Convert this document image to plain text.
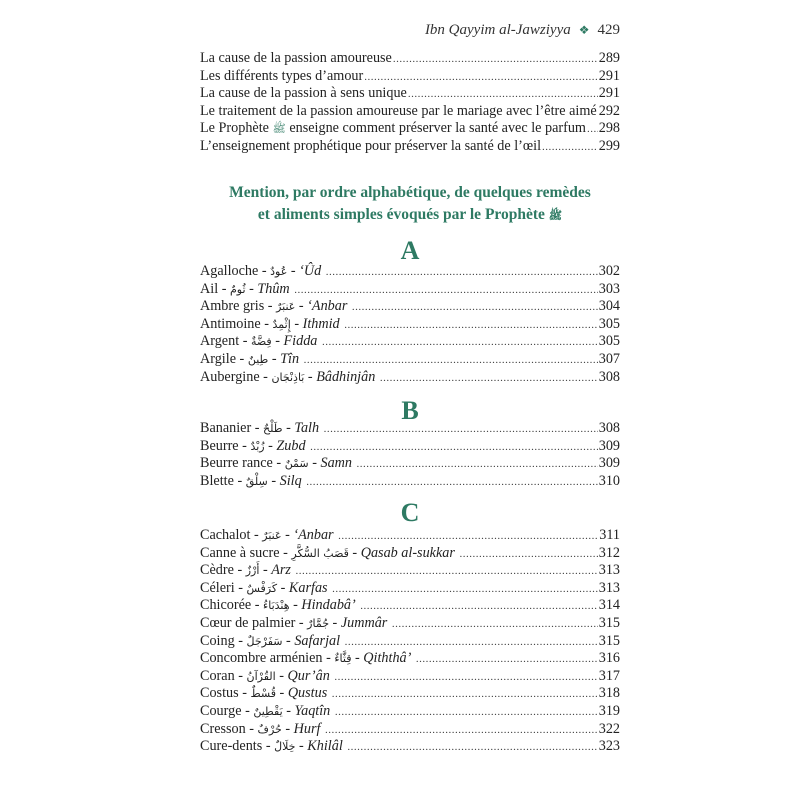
Ibn Qayyim al-Jawziyya ❖ 429
La cause de la passion amoureuse .....	289
Les différents types d’amour .....	291
La cause de la passion à sens unique .....	291
Le traitement de la passion amoureuse par le mariage avec l’être aimé ..... 292
Le Prophète ﷺ enseigne comment préserver la santé avec le parfum ..... 298
L’enseignement prophétique pour préserver la santé de l’œil .....	299
Mention, par ordre alphabétique, de quelques remèdes
et aliments simples évoqués par le Prophète ﷺ
A
Agalloche - عُودٌ - ‘Ûd .....	302
Ail - ثُومٌ - Thûm .....	303
Ambre gris - عَنبَرٌ - ‘Anbar .....	304
Antimoine - إِثْمِدٌ - Ithmid .....	305
Argent - فِضَّةٌ - Fidda .....	305
Argile - طِينٌ - Tîn .....	307
Aubergine - بَاذِنْجَان - Bâdhinjân .....	308
B
Bananier - طَلْحٌ - Talh .....	308
Beurre - زُبْدٌ - Zubd .....	309
Beurre rance - سَمْنٌ - Samn .....	309
Blette - سِلْقٌ - Silq .....	310
C
Cachalot - عَنبَرٌ - ‘Anbar .....	311
Canne à sucre - قَصَبُ السُّكَّرِ - Qasab al-sukkar .....	312
Cèdre - أَرْزٌ - Arz .....	313
Céleri - كَرَفْسٌ - Karfas .....	313
Chicorée - هِنْدَبَاءُ - Hindabâ’ .....	314
Cœur de palmier - جُمَّارٌ - Jummâr .....	315
Coing - سَفَرْجَلٌ - Safarjal .....	315
Concombre arménien - قِثَّاءٌ - Qiththâ’ .....	316
Coran - القُرْآنُ - Qur’ân .....	317
Costus - قُسْطٌ - Qustus .....	318
Courge - يَقْطِينٌ - Yaqtîn .....	319
Cresson - حُرْفٌ - Hurf .....	322
Cure-dents - خِلَالٌ - Khilâl .....	323
